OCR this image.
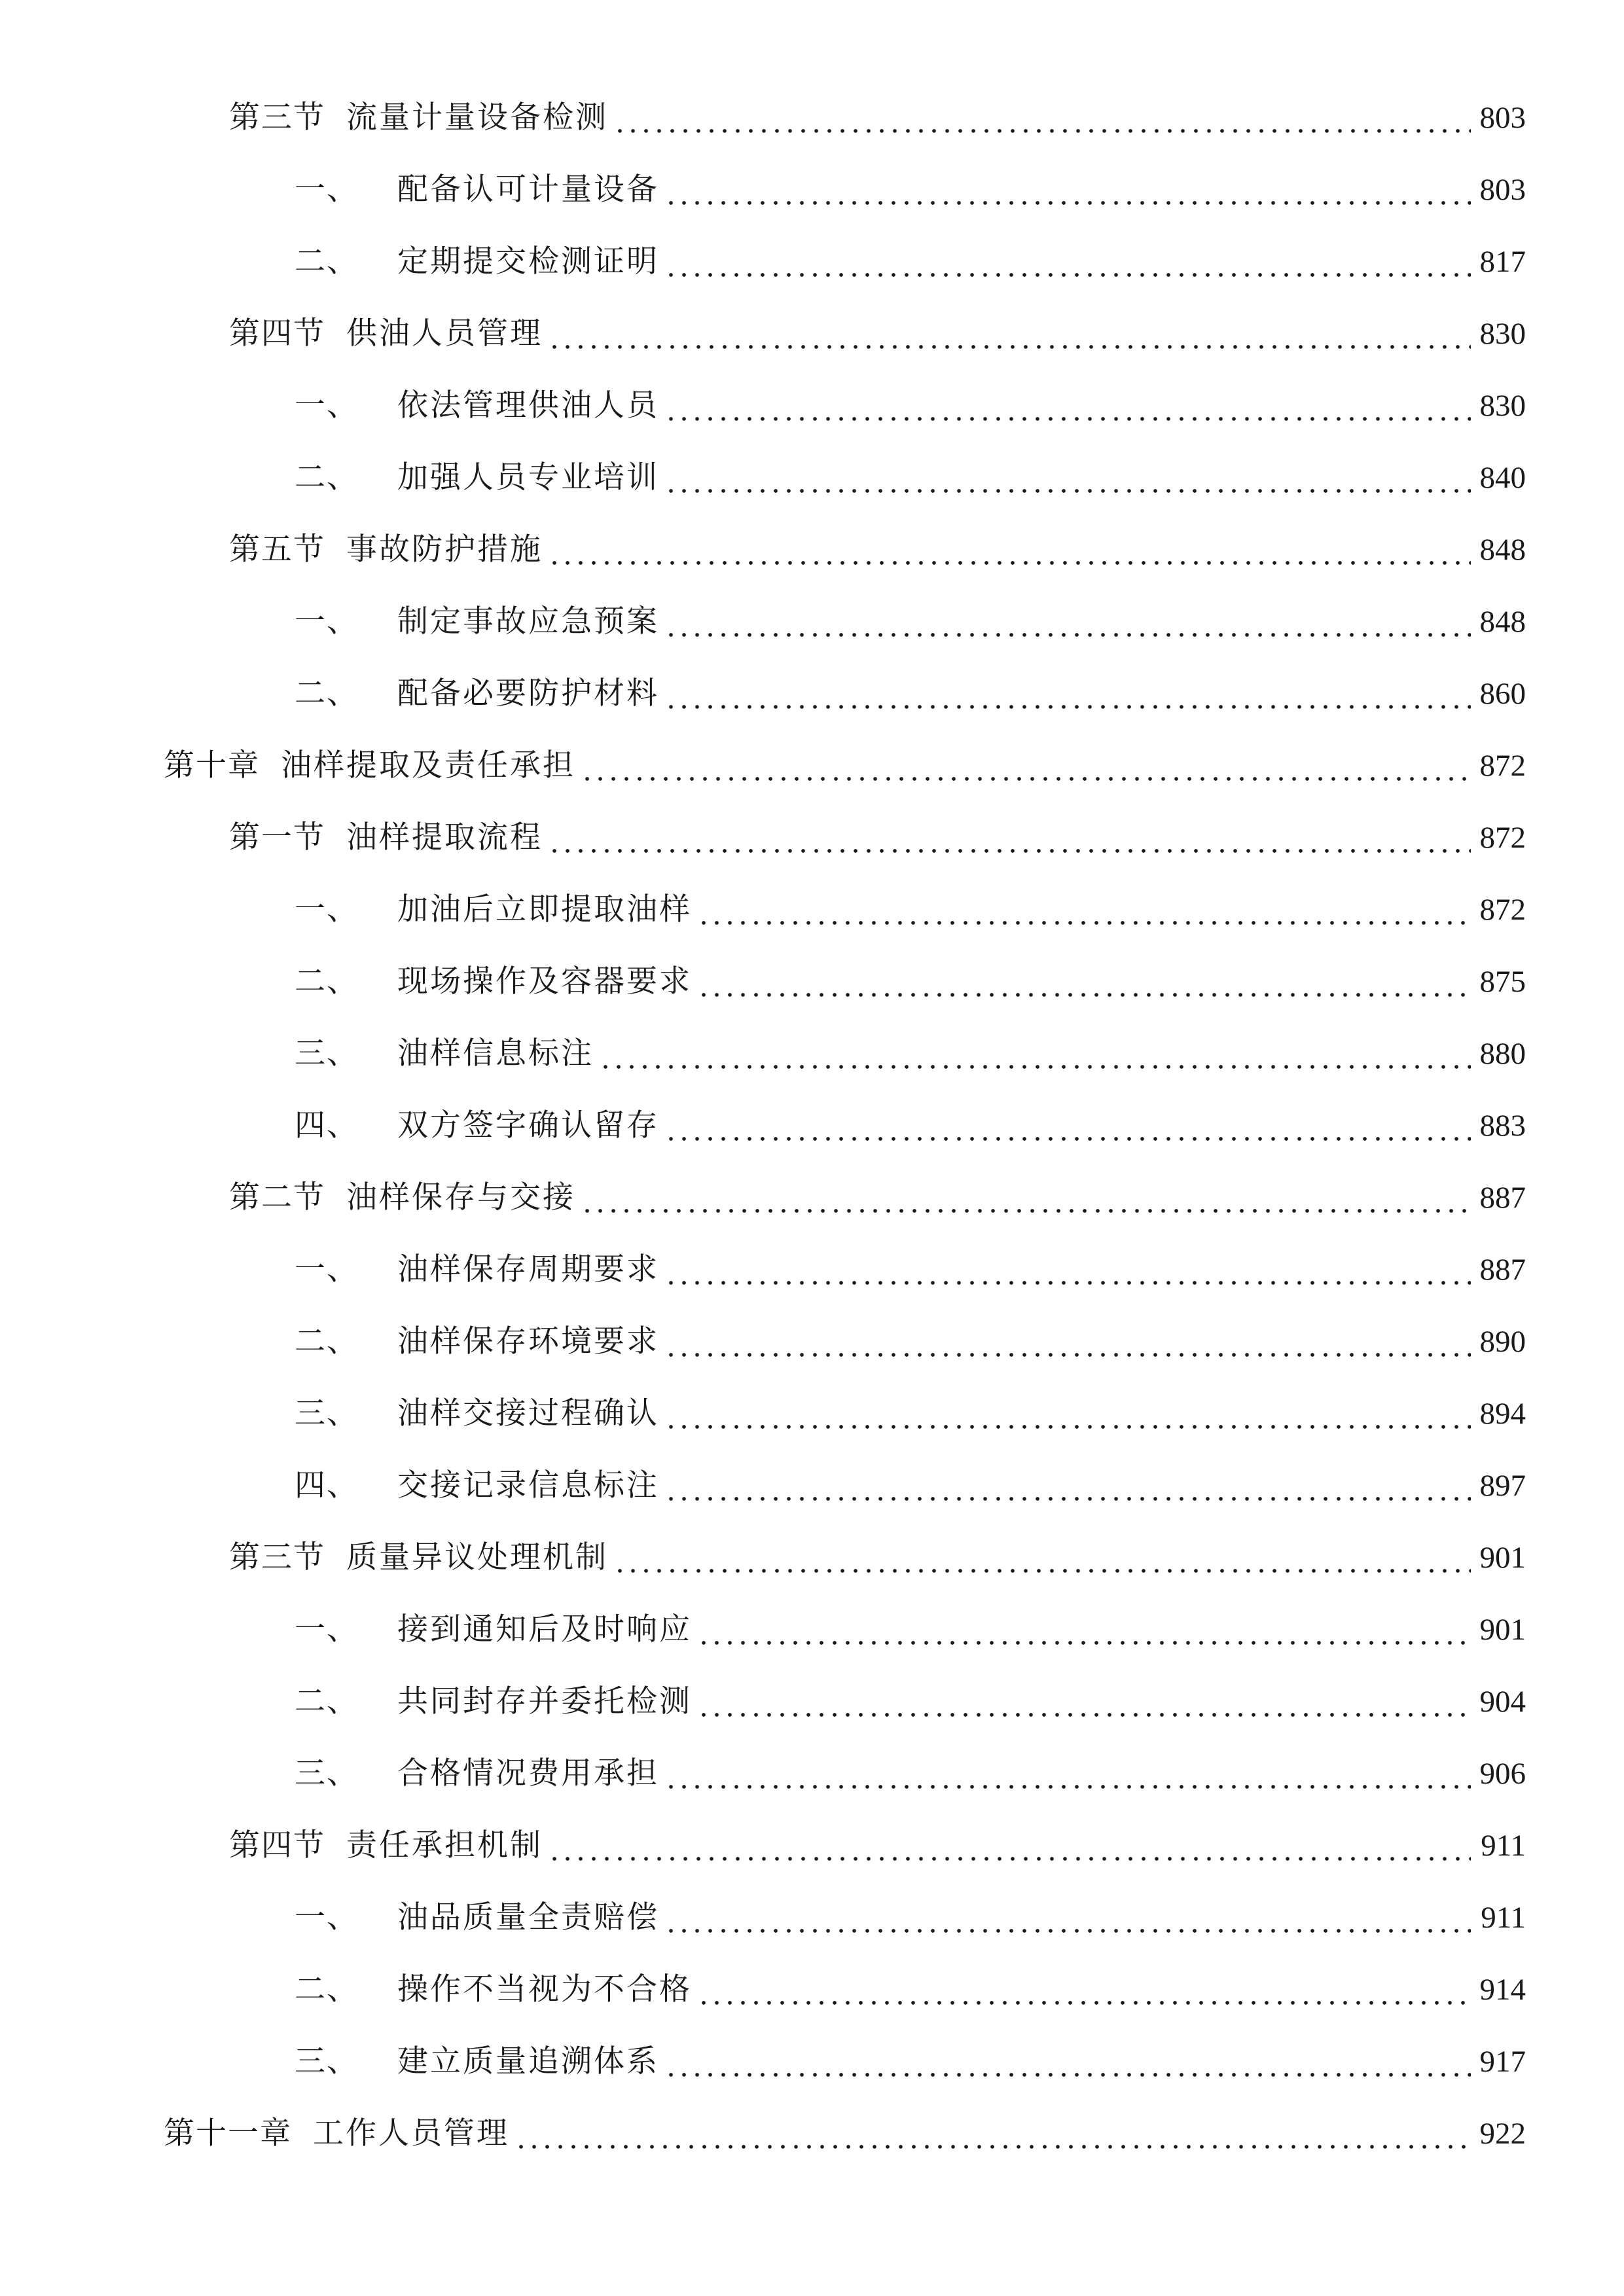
第三节 流量计量设备检测	803
一、	配备认可计量设备	803
二、	定期提交检测证明	817
第四节 供油人员管理	830
一、	依法管理供油人员	830
二、	加强人员专业培训	840
第五节 事故防护措施	848
一、	制定事故应急预案	848
二、	配备必要防护材料	860
第十章 油样提取及责任承担	872
第一节 油样提取流程	872
一、	加油后立即提取油样	872
二、	现场操作及容器要求	875
三、	油样信息标注	880
四、	双方签字确认留存	883
第二节 油样保存与交接	887
一、	油样保存周期要求	887
二、	油样保存环境要求	890
三、	油样交接过程确认	894
四、	交接记录信息标注	897
第三节 质量异议处理机制	901
一、	接到通知后及时响应	901
二、	共同封存并委托检测	904
三、	合格情况费用承担	906
第四节 责任承担机制	911
一、	油品质量全责赔偿	911
二、	操作不当视为不合格	914
三、	建立质量追溯体系	917
第十一章 工作人员管理	922
